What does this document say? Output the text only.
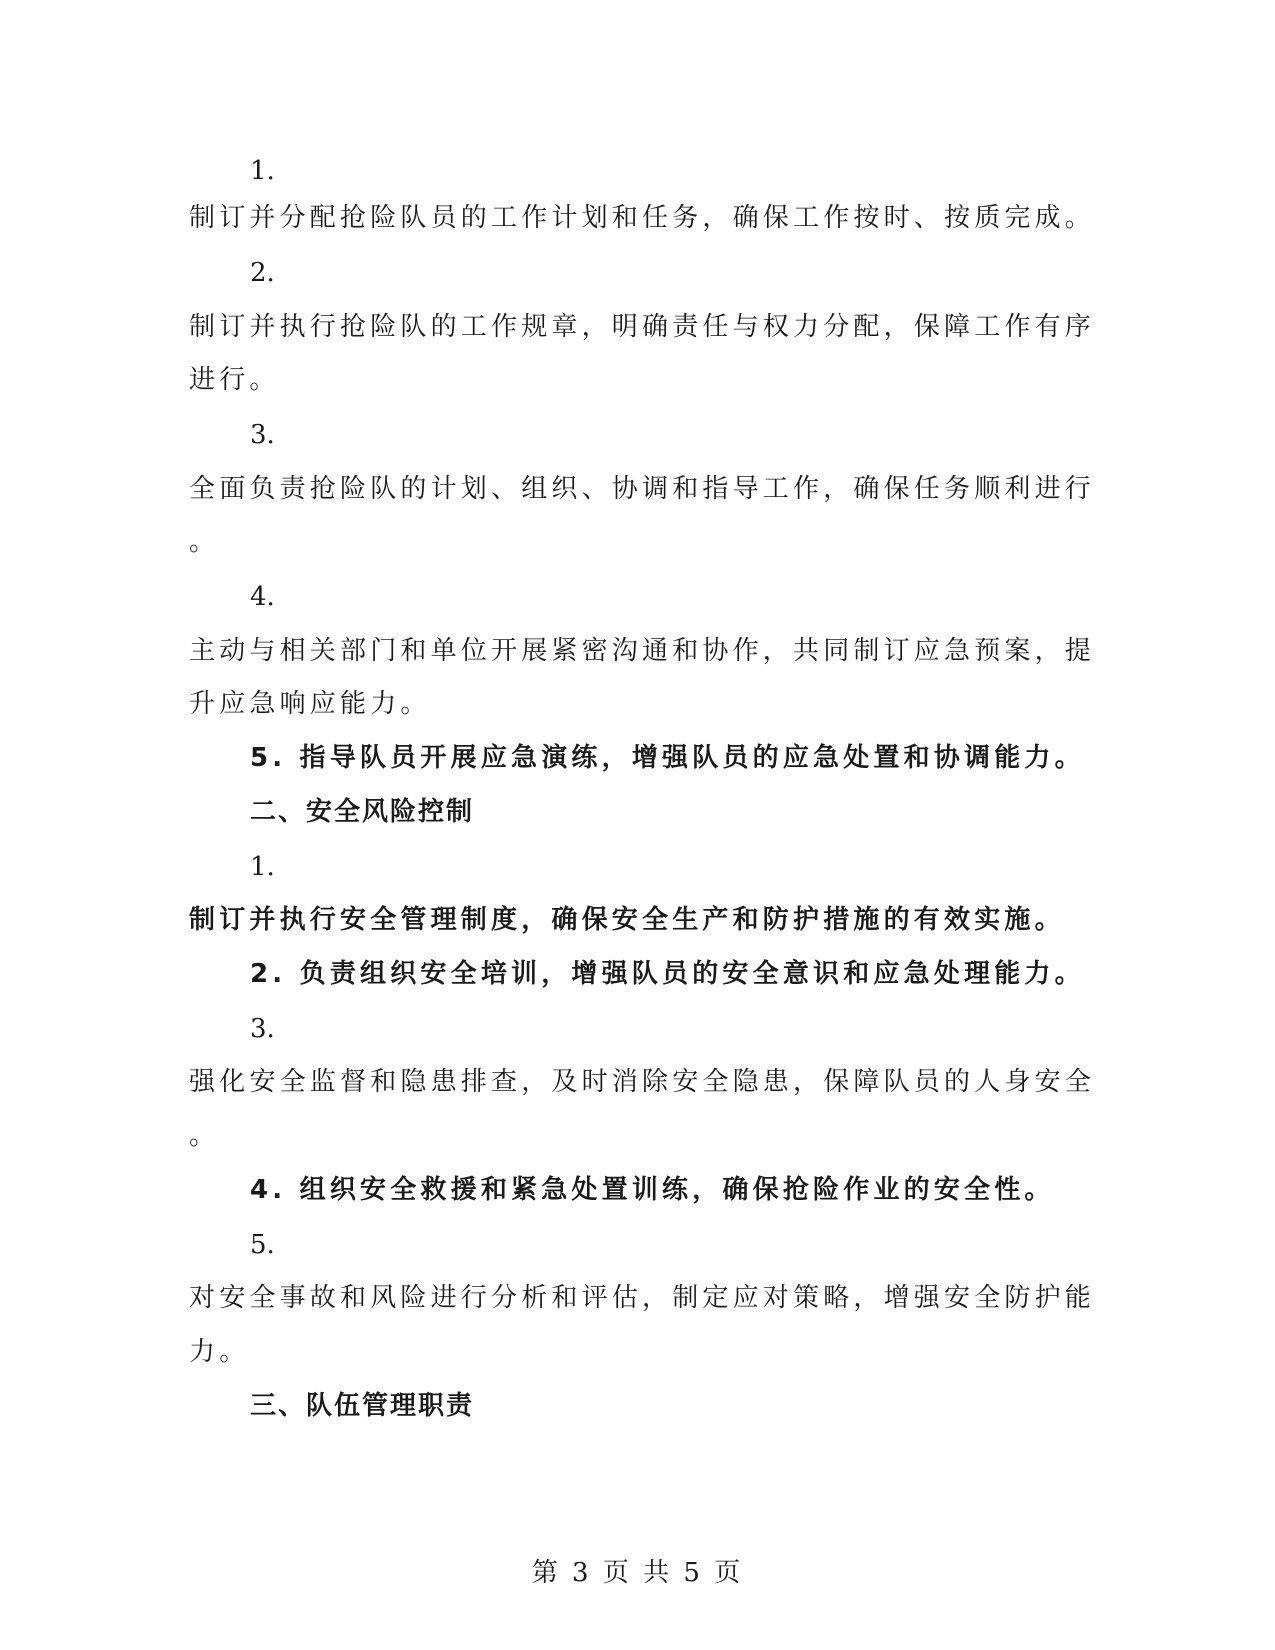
1.
制订并分配抢险队员的工作计划和任务，确保工作按时、按质完成。
2.
制订并执行抢险队的工作规章，明确责任与权力分配，保障工作有序
进行。
3.
全面负责抢险队的计划、组织、协调和指导工作，确保任务顺利进行
。
4.
主动与相关部门和单位开展紧密沟通和协作，共同制订应急预案，提
升应急响应能力。
5. 指导队员开展应急演练，增强队员的应急处置和协调能力。
二、安全风险控制
1.
制订并执行安全管理制度，确保安全生产和防护措施的有效实施。
2. 负责组织安全培训，增强队员的安全意识和应急处理能力。
3.
强化安全监督和隐患排查，及时消除安全隐患，保障队员的人身安全
。
4. 组织安全救援和紧急处置训练，确保抢险作业的安全性。
5.
对安全事故和风险进行分析和评估，制定应对策略，增强安全防护能
力。
三、队伍管理职责
第 3 页 共 5 页
